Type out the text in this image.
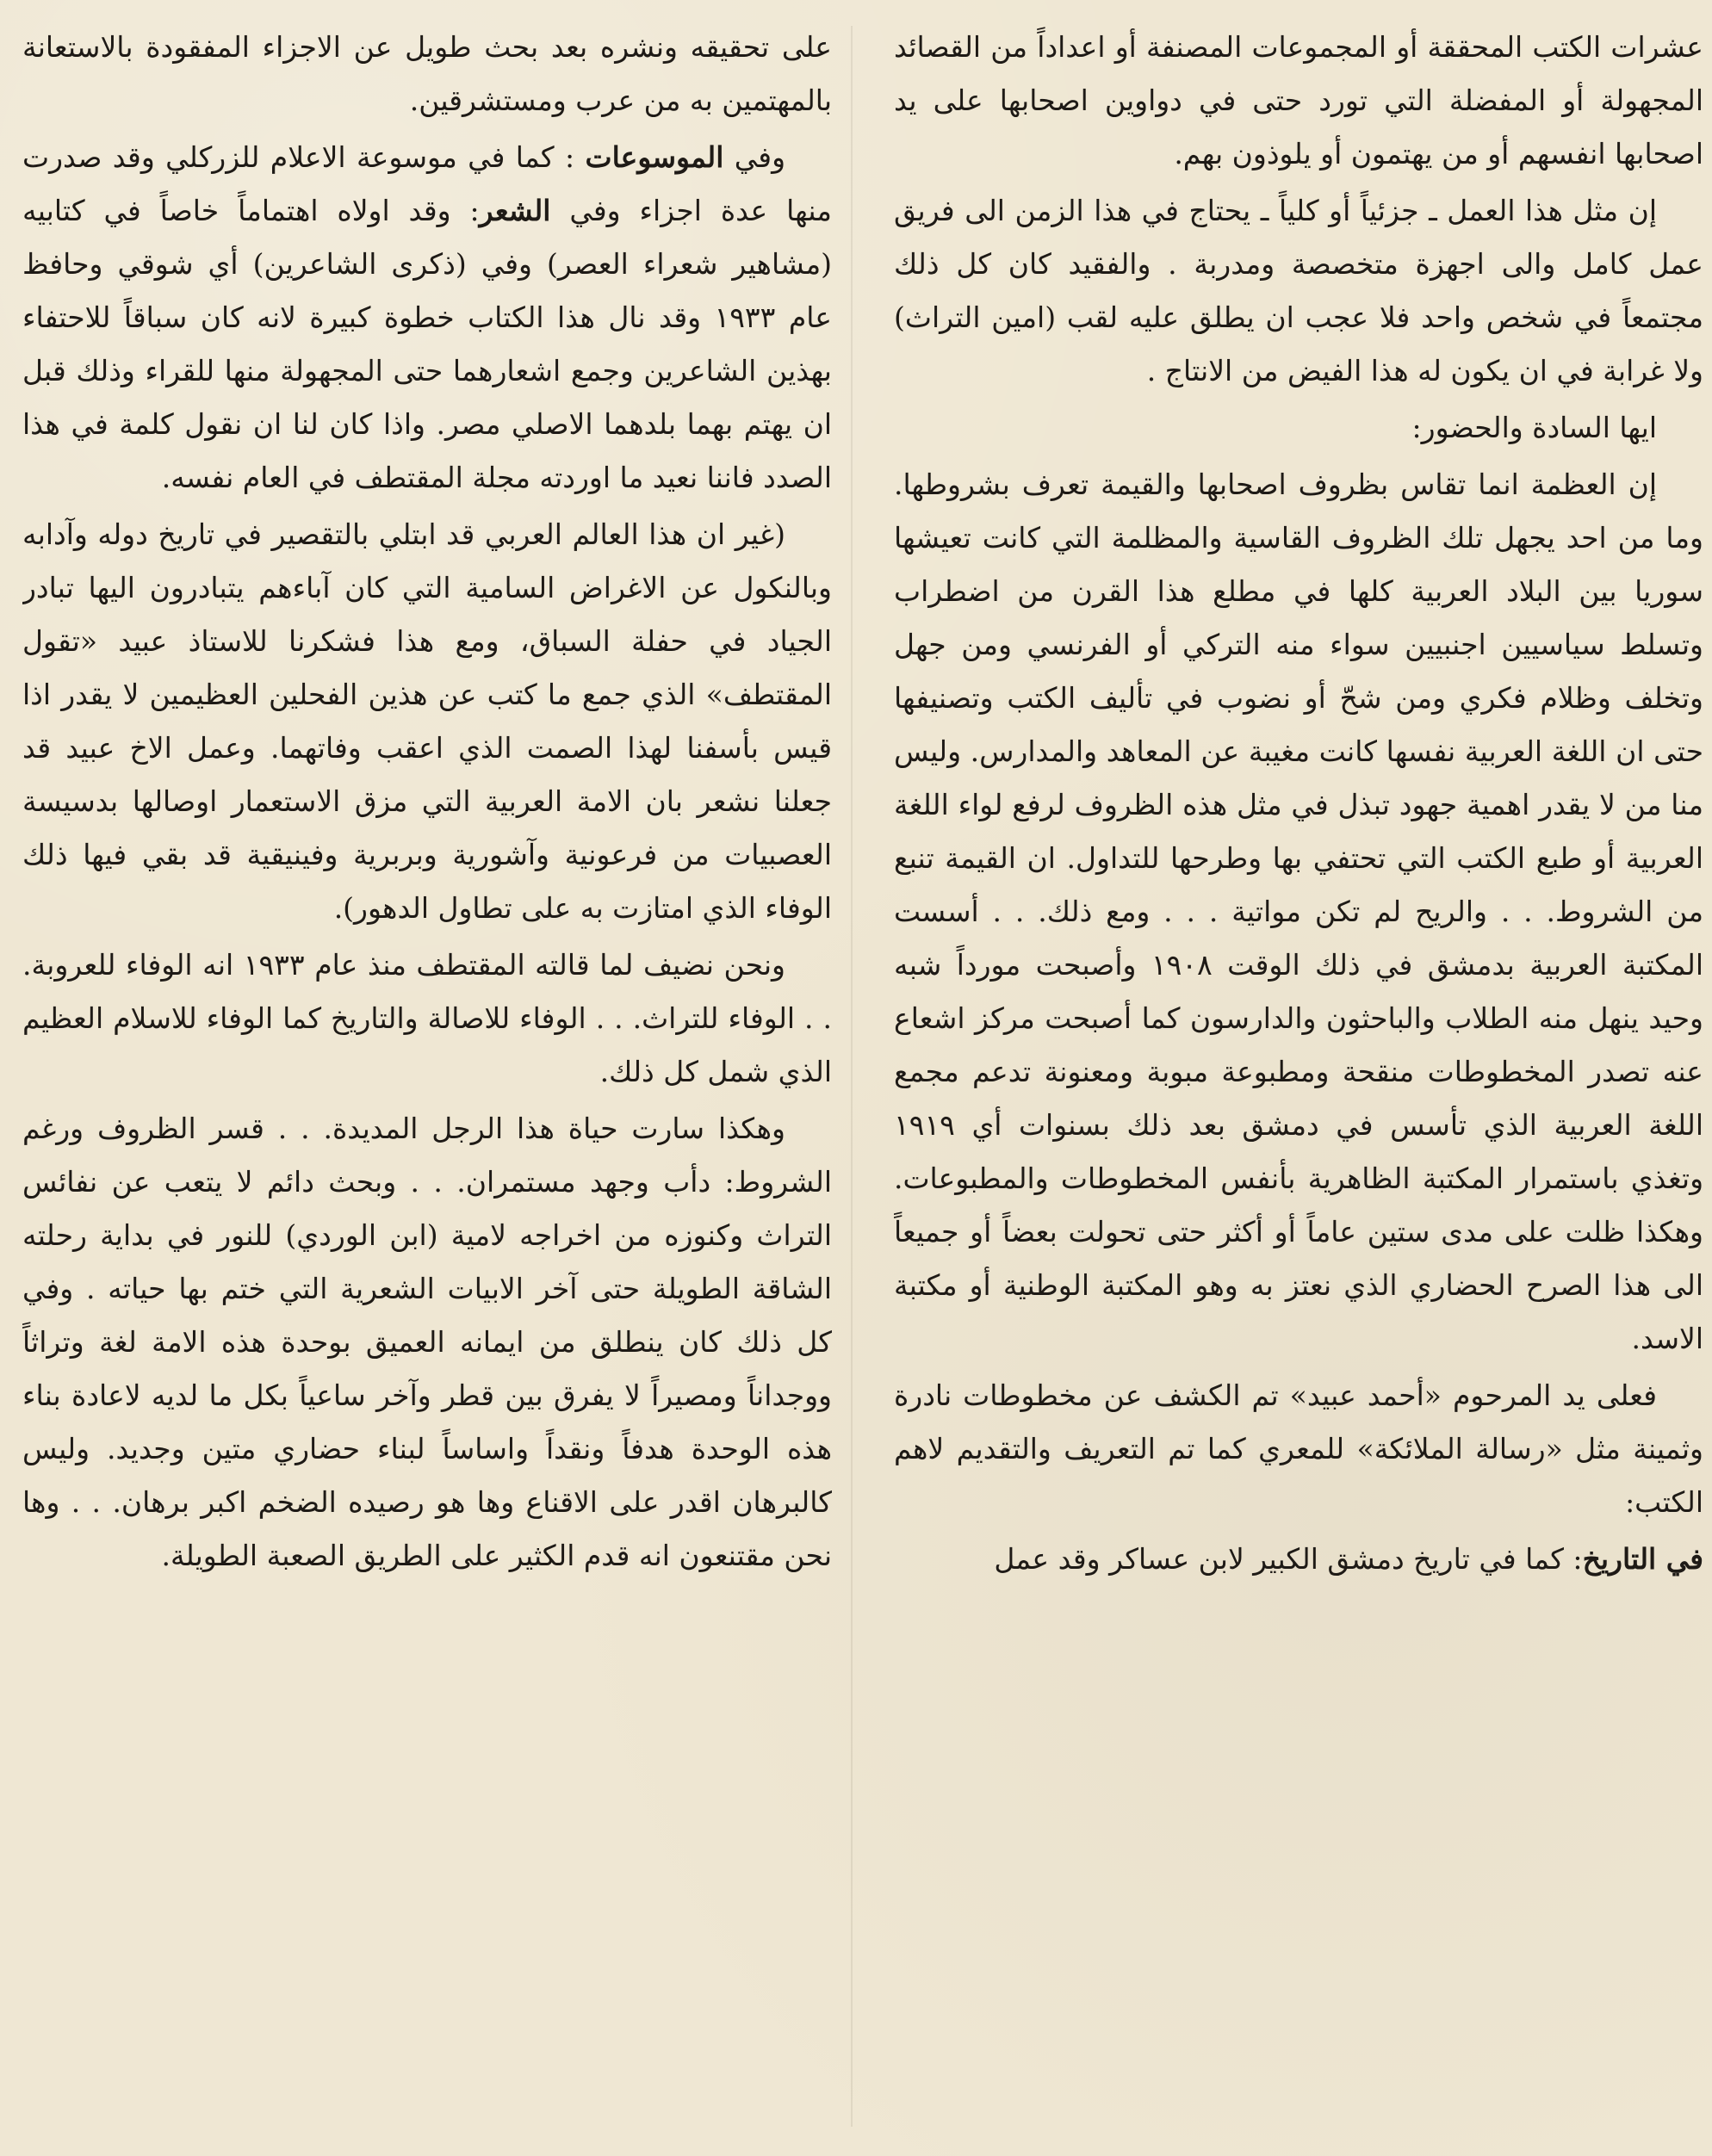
عشرات الكتب المحققة أو المجموعات المصنفة أو اعداداً من القصائد المجهولة أو المفضلة التي تورد حتى في دواوين اصحابها على يد اصحابها انفسهم أو من يهتمون أو يلوذون بهم.

إن مثل هذا العمل ـ جزئياً أو كلياً ـ يحتاج في هذا الزمن الى فريق عمل كامل والى اجهزة متخصصة ومدربة . والفقيد كان كل ذلك مجتمعاً في شخص واحد فلا عجب ان يطلق عليه لقب (امين التراث) ولا غرابة في ان يكون له هذا الفيض من الانتاج .

ايها السادة والحضور:

إن العظمة انما تقاس بظروف اصحابها والقيمة تعرف بشروطها. وما من احد يجهل تلك الظروف القاسية والمظلمة التي كانت تعيشها سوريا بين البلاد العربية كلها في مطلع هذا القرن من اضطراب وتسلط سياسيين اجنبيين سواء منه التركي أو الفرنسي ومن جهل وتخلف وظلام فكري ومن شحّ أو نضوب في تأليف الكتب وتصنيفها حتى ان اللغة العربية نفسها كانت مغيبة عن المعاهد والمدارس. وليس منا من لا يقدر اهمية جهود تبذل في مثل هذه الظروف لرفع لواء اللغة العربية أو طبع الكتب التي تحتفي بها وطرحها للتداول. ان القيمة تنبع من الشروط. . . والريح لم تكن مواتية . . . ومع ذلك. . . أسست المكتبة العربية بدمشق في ذلك الوقت ١٩٠٨ وأصبحت مورداً شبه وحيد ينهل منه الطلاب والباحثون والدارسون كما أصبحت مركز اشعاع عنه تصدر المخطوطات منقحة ومطبوعة مبوبة ومعنونة تدعم مجمع اللغة العربية الذي تأسس في دمشق بعد ذلك بسنوات أي ١٩١٩ وتغذي باستمرار المكتبة الظاهرية بأنفس المخطوطات والمطبوعات. وهكذا ظلت على مدى ستين عاماً أو أكثر حتى تحولت بعضاً أو جميعاً الى هذا الصرح الحضاري الذي نعتز به وهو المكتبة الوطنية أو مكتبة الاسد.

فعلى يد المرحوم «أحمد عبيد» تم الكشف عن مخطوطات نادرة وثمينة مثل «رسالة الملائكة» للمعري كما تم التعريف والتقديم لاهم الكتب:

في التاريخ: كما في تاريخ دمشق الكبير لابن عساكر وقد عمل

على تحقيقه ونشره بعد بحث طويل عن الاجزاء المفقودة بالاستعانة بالمهتمين به من عرب ومستشرقين.

وفي الموسوعات : كما في موسوعة الاعلام للزركلي وقد صدرت منها عدة اجزاء وفي الشعر: وقد اولاه اهتماماً خاصاً في كتابيه (مشاهير شعراء العصر) وفي (ذكرى الشاعرين) أي شوقي وحافظ عام ١٩٣٣ وقد نال هذا الكتاب خطوة كبيرة لانه كان سباقاً للاحتفاء بهذين الشاعرين وجمع اشعارهما حتى المجهولة منها للقراء وذلك قبل ان يهتم بهما بلدهما الاصلي مصر. واذا كان لنا ان نقول كلمة في هذا الصدد فاننا نعيد ما اوردته مجلة المقتطف في العام نفسه.

(غير ان هذا العالم العربي قد ابتلي بالتقصير في تاريخ دوله وآدابه وبالنكول عن الاغراض السامية التي كان آباءهم يتبادرون اليها تبادر الجياد في حفلة السباق، ومع هذا فشكرنا للاستاذ عبيد «تقول المقتطف» الذي جمع ما كتب عن هذين الفحلين العظيمين لا يقدر اذا قيس بأسفنا لهذا الصمت الذي اعقب وفاتهما. وعمل الاخ عبيد قد جعلنا نشعر بان الامة العربية التي مزق الاستعمار اوصالها بدسيسة العصبيات من فرعونية وآشورية وبربرية وفينيقية قد بقي فيها ذلك الوفاء الذي امتازت به على تطاول الدهور).

ونحن نضيف لما قالته المقتطف منذ عام ١٩٣٣ انه الوفاء للعروبة. . . الوفاء للتراث. . . الوفاء للاصالة والتاريخ كما الوفاء للاسلام العظيم الذي شمل كل ذلك.

وهكذا سارت حياة هذا الرجل المديدة. . . قسر الظروف ورغم الشروط: دأب وجهد مستمران. . . وبحث دائم لا يتعب عن نفائس التراث وكنوزه من اخراجه لامية (ابن الوردي) للنور في بداية رحلته الشاقة الطويلة حتى آخر الابيات الشعرية التي ختم بها حياته . وفي كل ذلك كان ينطلق من ايمانه العميق بوحدة هذه الامة لغة وتراثاً ووجداناً ومصيراً لا يفرق بين قطر وآخر ساعياً بكل ما لديه لاعادة بناء هذه الوحدة هدفاً ونقداً واساساً لبناء حضاري متين وجديد. وليس كالبرهان اقدر على الاقناع وها هو رصيده الضخم اكبر برهان. . . وها نحن مقتنعون انه قدم الكثير على الطريق الصعبة الطويلة.
